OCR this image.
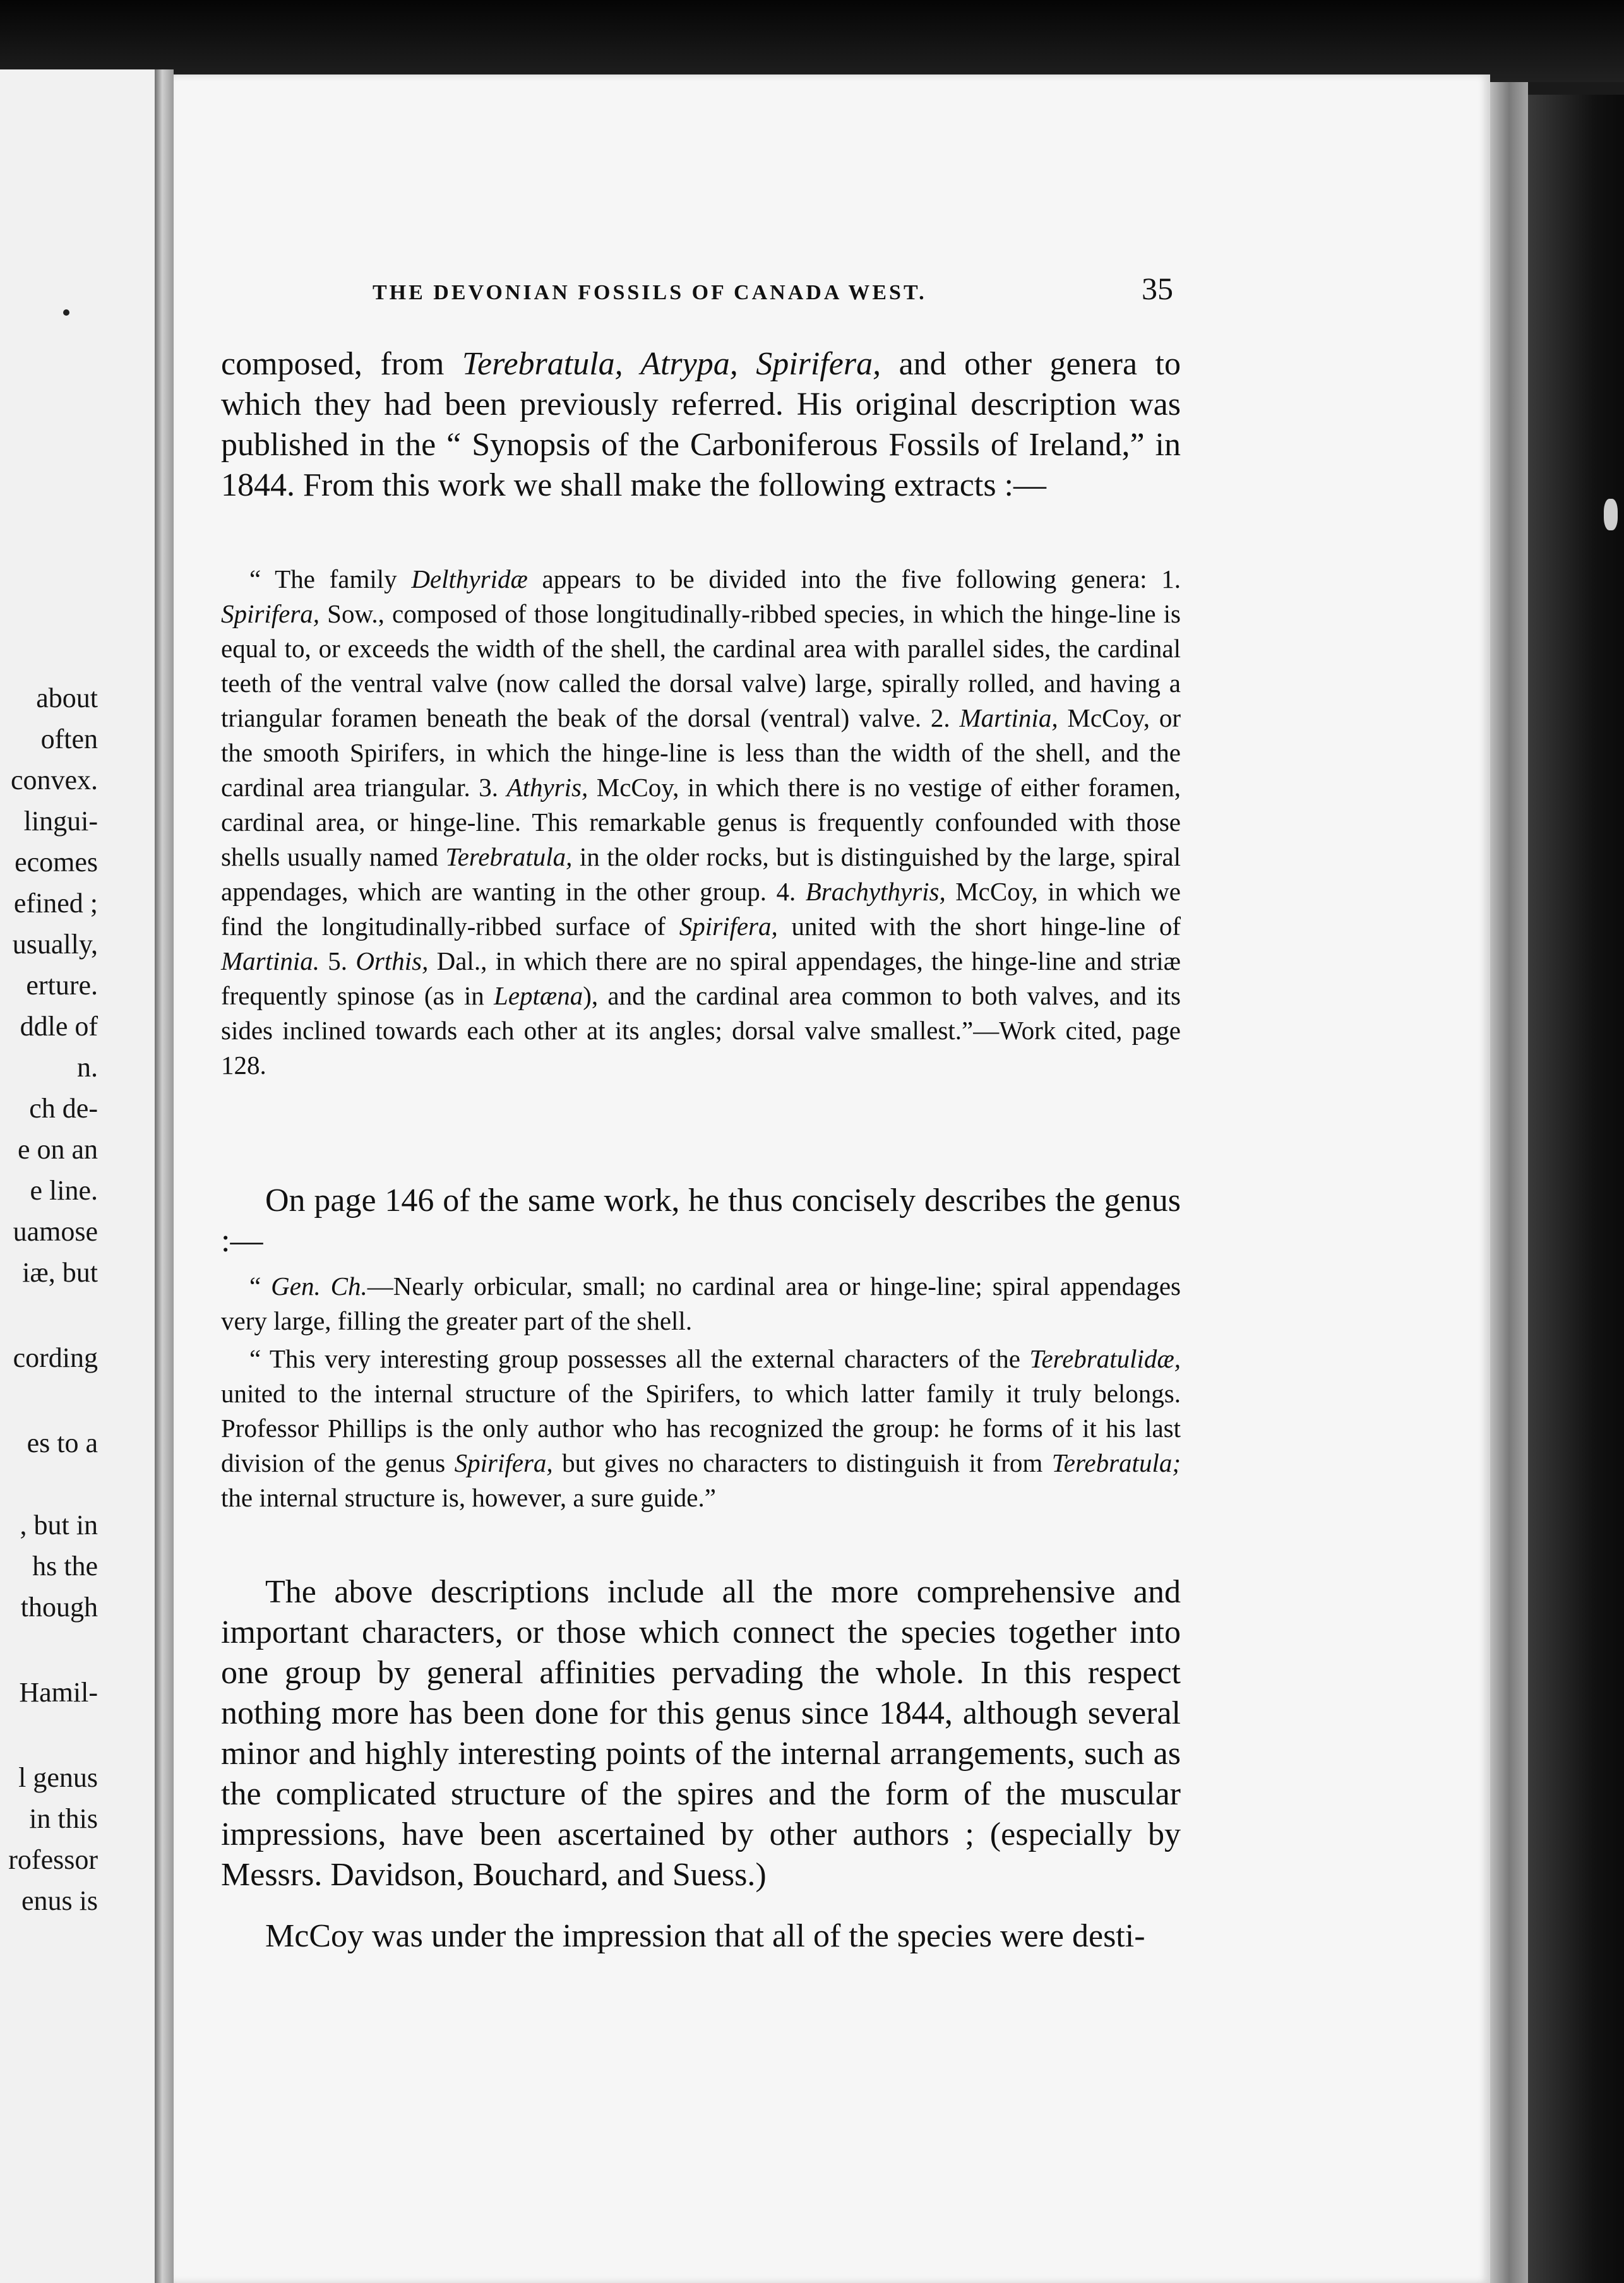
about
often
convex.
lingui-
ecomes
efined ;
usually,
erture.
ddle of
n.
ch de-
e on an
e line.
uamose
iæ, but
cording
es to a
, but in
hs the
though
Hamil-
l genus
in this
rofessor
enus is
THE DEVONIAN FOSSILS OF CANADA WEST.	35

composed, from Terebratula, Atrypa, Spirifera, and other genera to which they had been previously referred. His original description was published in the “ Synopsis of the Carboniferous Fossils of Ireland,” in 1844. From this work we shall make the following extracts :—

“ The family Delthyridæ appears to be divided into the five following genera: 1. Spirifera, Sow., composed of those longitudinally-ribbed species, in which the hinge-line is equal to, or exceeds the width of the shell, the cardinal area with parallel sides, the cardinal teeth of the ventral valve (now called the dorsal valve) large, spirally rolled, and having a triangular foramen beneath the beak of the dorsal (ventral) valve. 2. Martinia, McCoy, or the smooth Spirifers, in which the hinge-line is less than the width of the shell, and the cardinal area triangular. 3. Athyris, McCoy, in which there is no vestige of either foramen, cardinal area, or hinge-line. This remarkable genus is frequently confounded with those shells usually named Terebratula, in the older rocks, but is distinguished by the large, spiral appendages, which are wanting in the other group. 4. Brachythyris, McCoy, in which we find the longitudinally-ribbed surface of Spirifera, united with the short hinge-line of Martinia. 5. Orthis, Dal., in which there are no spiral appendages, the hinge-line and striæ frequently spinose (as in Leptæna), and the cardinal area common to both valves, and its sides inclined towards each other at its angles; dorsal valve smallest.”—Work cited, page 128.

On page 146 of the same work, he thus concisely describes the genus :—

“ Gen. Ch.—Nearly orbicular, small; no cardinal area or hinge-line; spiral appendages very large, filling the greater part of the shell.

“ This very interesting group possesses all the external characters of the Terebratulidæ, united to the internal structure of the Spirifers, to which latter family it truly belongs. Professor Phillips is the only author who has recognized the group: he forms of it his last division of the genus Spirifera, but gives no characters to distinguish it from Terebratula; the internal structure is, however, a sure guide.”

The above descriptions include all the more comprehensive and important characters, or those which connect the species together into one group by general affinities pervading the whole. In this respect nothing more has been done for this genus since 1844, although several minor and highly interesting points of the internal arrangements, such as the complicated structure of the spires and the form of the muscular impressions, have been ascertained by other authors ; (especially by Messrs. Davidson, Bouchard, and Suess.)

McCoy was under the impression that all of the species were desti-
